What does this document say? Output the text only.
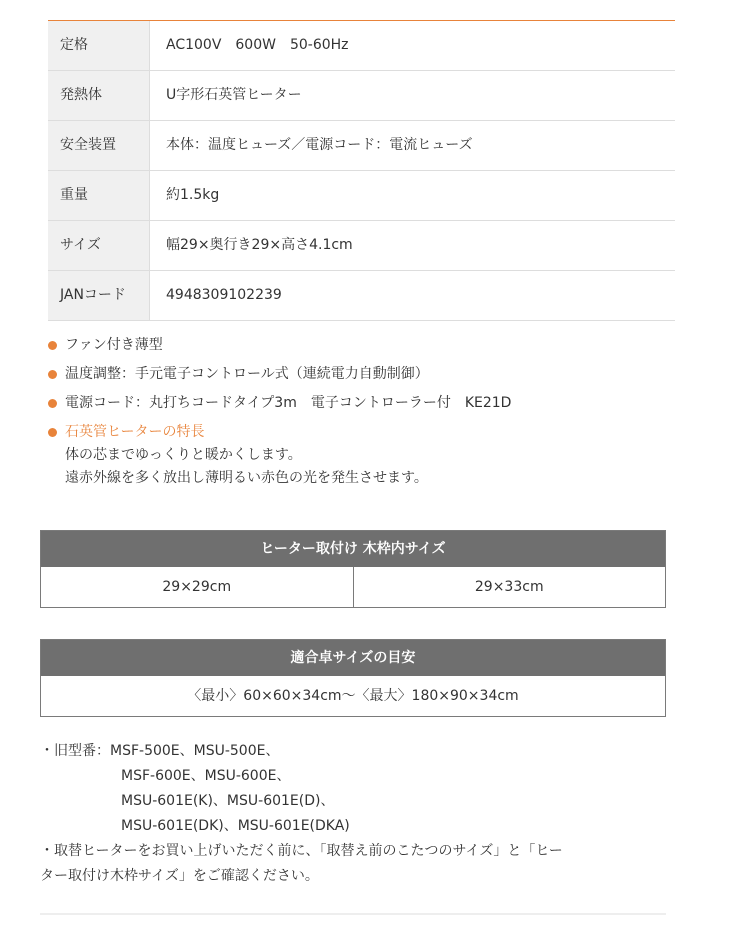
定格	AC100V　600W　50-60Hz
発熱体	U字形石英管ヒーター
安全装置	本体：温度ヒューズ／電源コード：電流ヒューズ
重量	約1.5kg
サイズ	幅29×奥行き29×高さ4.1cm
JANコード	4948309102239
ファン付き薄型
温度調整：手元電子コントロール式（連続電力自動制御）
電源コード：丸打ちコードタイプ3m　電子コントローラー付　KE21D
石英管ヒーターの特長
体の芯までゆっくりと暖かくします。
遠赤外線を多く放出し薄明るい赤色の光を発生させます。
ヒーター取付け 木枠内サイズ
29×29cm	29×33cm
適合卓サイズの目安
〈最小〉60×60×34cm～〈最大〉180×90×34cm
・旧型番：MSF-500E、MSU-500E、
MSF-600E、MSU-600E、
MSU-601E(K)、MSU-601E(D)、
MSU-601E(DK)、MSU-601E(DKA)
・取替ヒーターをお買い上げいただく前に、「取替え前のこたつのサイズ」と「ヒー
ター取付け木枠サイズ」をご確認ください。
